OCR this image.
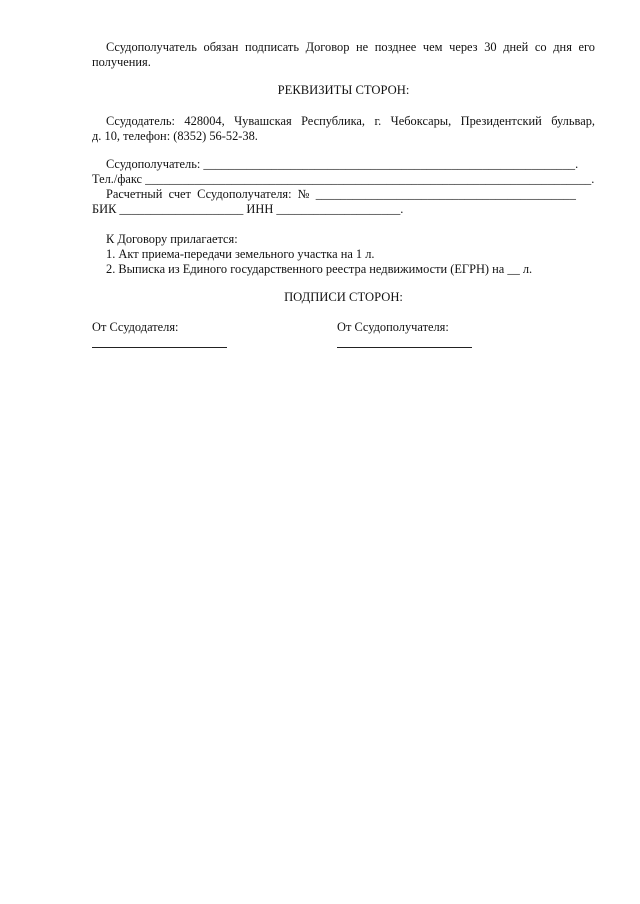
Ссудополучатель обязан подписать Договор не позднее чем через 30 дней со дня его
получения.
РЕКВИЗИТЫ СТОРОН:
Ссудодатель: 428004, Чувашская Республика, г. Чебоксары, Президентский бульвар,
д. 10, телефон: (8352) 56-52-38.
Ссудополучатель: ____________________________________________________________.
Тел./факс ________________________________________________________________________.
Расчетный  счет  Ссудополучателя:  №  __________________________________________
БИК ____________________ ИНН ____________________.
К Договору прилагается:
1. Акт приема-передачи земельного участка на 1 л.
2. Выписка из Единого государственного реестра недвижимости (ЕГРН) на __ л.
ПОДПИСИ СТОРОН:
От Ссудодателя:	От Ссудополучателя:
